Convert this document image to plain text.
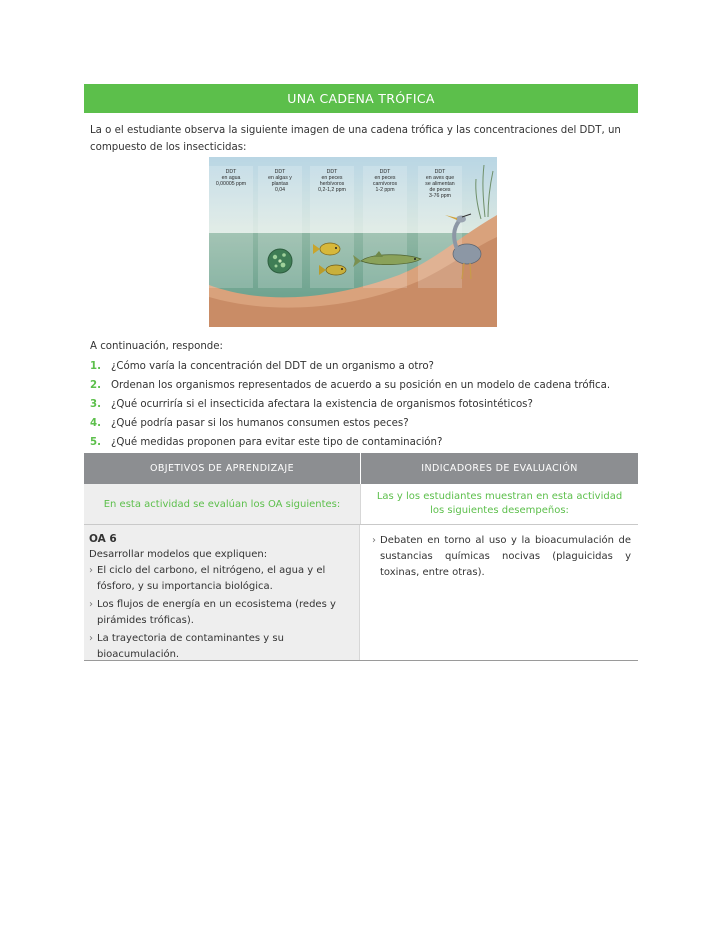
UNA CADENA TRÓFICA
La o el estudiante observa la siguiente imagen de una cadena trófica y las concentraciones del DDT, un compuesto de los insecticidas:
DDT
en agua
0,00005 ppm
DDT
en algas y
plantas
0,04
DDT
en peces
herbívoros
0,2-1,2 ppm
DDT
en peces
carnívoros
1-2 ppm
DDT
en aves que
se alimentan
de peces
3-76 ppm
A continuación, responde:
1. ¿Cómo varía la concentración del DDT de un organismo a otro?
2. Ordenan los organismos representados de acuerdo a su posición en un modelo de cadena trófica.
3. ¿Qué ocurriría si el insecticida afectara la existencia de organismos fotosintéticos?
4. ¿Qué podría pasar si los humanos consumen estos peces?
5. ¿Qué medidas proponen para evitar este tipo de contaminación?
OBJETIVOS DE APRENDIZAJE	INDICADORES DE EVALUACIÓN
En esta actividad se evalúan los OA siguientes:
Las y los estudiantes muestran en esta actividad los siguientes desempeños:
OA 6
Desarrollar modelos que expliquen:
› El ciclo del carbono, el nitrógeno, el agua y el fósforo, y su importancia biológica.
› Los flujos de energía en un ecosistema (redes y pirámides tróficas).
› La trayectoria de contaminantes y su bioacumulación.
› Debaten en torno al uso y la bioacumulación de sustancias químicas nocivas (plaguicidas y toxinas, entre otras).
